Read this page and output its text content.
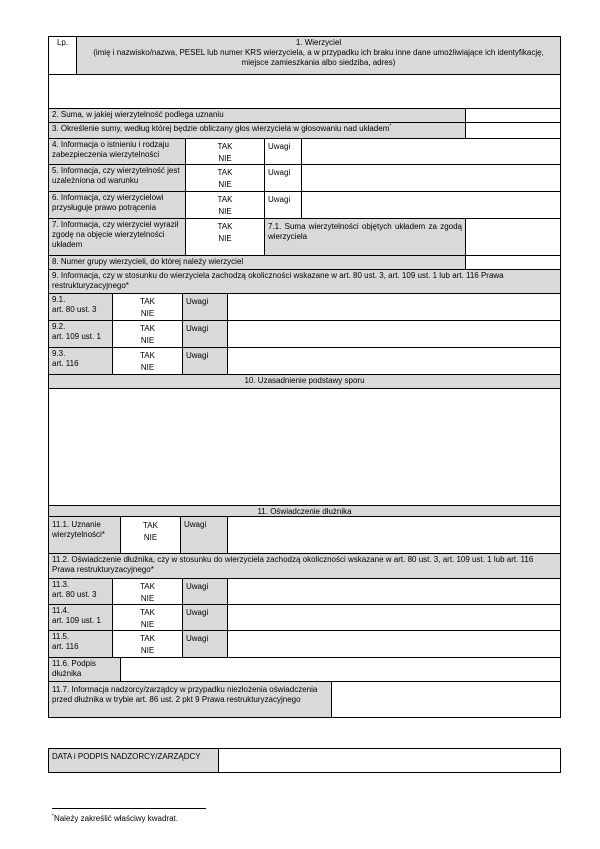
Lp.	1. Wierzyciel
(imię i nazwisko/nazwa, PESEL lub numer KRS wierzyciela, a w przypadku ich braku inne dane umożliwiające ich identyfikację, miejsce zamieszkania albo siedziba, adres)
2. Suma, w jakiej wierzytelność podlega uznaniu
3. Określenie sumy, według której będzie obliczany głos wierzyciela w głosowaniu nad układem*
4. Informacja o istnieniu i rodzaju zabezpieczenia wierzytelności
TAK
NIE
Uwagi
5. Informacja, czy wierzytelność jest uzależniona od warunku
TAK
NIE
Uwagi
6. Informacja, czy wierzycielowi przysługuje prawo potrącenia
TAK
NIE
Uwagi
7. Informacja, czy wierzyciel wyraził zgodę na objęcie wierzytelności układem
TAK
NIE
7.1. Suma wierzytelności objętych układem za zgodą wierzyciela
8. Numer grupy wierzycieli, do której należy wierzyciel
9. Informacja, czy w stosunku do wierzyciela zachodzą okoliczności wskazane w art. 80 ust. 3, art. 109 ust. 1 lub art. 116 Prawa restrukturyzacyjnego*
9.1.
art. 80 ust. 3
TAK
NIE
Uwagi
9.2.
art. 109 ust. 1
TAK
NIE
Uwagi
9.3.
art. 116
TAK
NIE
Uwagi
10. Uzasadnienie podstawy sporu
11. Oświadczenie dłużnika
11.1. Uznanie wierzytelności*
TAK
NIE
Uwagi
11.2. Oświadczenie dłużnika, czy w stosunku do wierzyciela zachodzą okoliczności wskazane w art. 80 ust. 3, art. 109 ust. 1 lub art. 116 Prawa restrukturyzacyjnego*
11.3.
art. 80 ust. 3
TAK
NIE
Uwagi
11.4.
art. 109 ust. 1
TAK
NIE
Uwagi
11.5.
art. 116
TAK
NIE
Uwagi
11.6. Podpis dłużnika
11.7. Informacja nadzorcy/zarządcy w przypadku niezłożenia oświadczenia przed dłużnika w trybie art. 86 ust. 2 pkt 9 Prawa restrukturyzacyjnego
DATA i PODPIS NADZORCY/ZARZĄDCY
*Należy zakreślić właściwy kwadrat.
